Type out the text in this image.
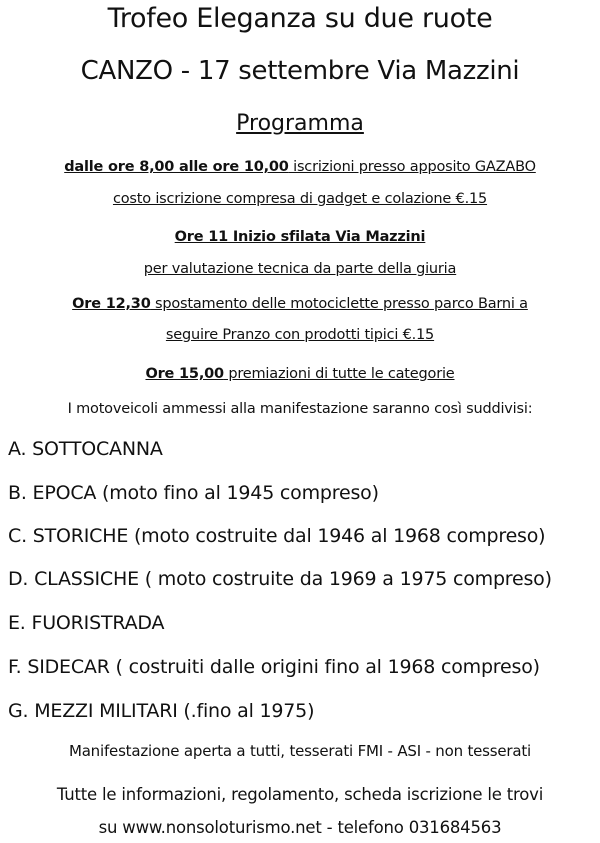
Trofeo Eleganza su due ruote
CANZO - 17 settembre Via Mazzini
Programma
dalle ore 8,00 alle ore 10,00 iscrizioni presso apposito GAZABO
costo iscrizione compresa di gadget e colazione €.15
Ore 11 Inizio sfilata Via Mazzini
per valutazione tecnica da parte della giuria
Ore 12,30 spostamento delle motociclette presso parco Barni a
seguire Pranzo con prodotti tipici €.15
Ore 15,00 premiazioni di tutte le categorie
I motoveicoli ammessi alla manifestazione saranno così suddivisi:
A. SOTTOCANNA
B. EPOCA (moto fino al 1945 compreso)
C. STORICHE (moto costruite dal 1946 al 1968 compreso)
D. CLASSICHE ( moto costruite da 1969 a 1975 compreso)
E. FUORISTRADA
F. SIDECAR ( costruiti dalle origini fino al 1968 compreso)
G. MEZZI MILITARI (.fino al 1975)
Manifestazione aperta a tutti, tesserati FMI - ASI - non tesserati
Tutte le informazioni, regolamento, scheda iscrizione le trovi
su www.nonsoloturismo.net - telefono 031684563
